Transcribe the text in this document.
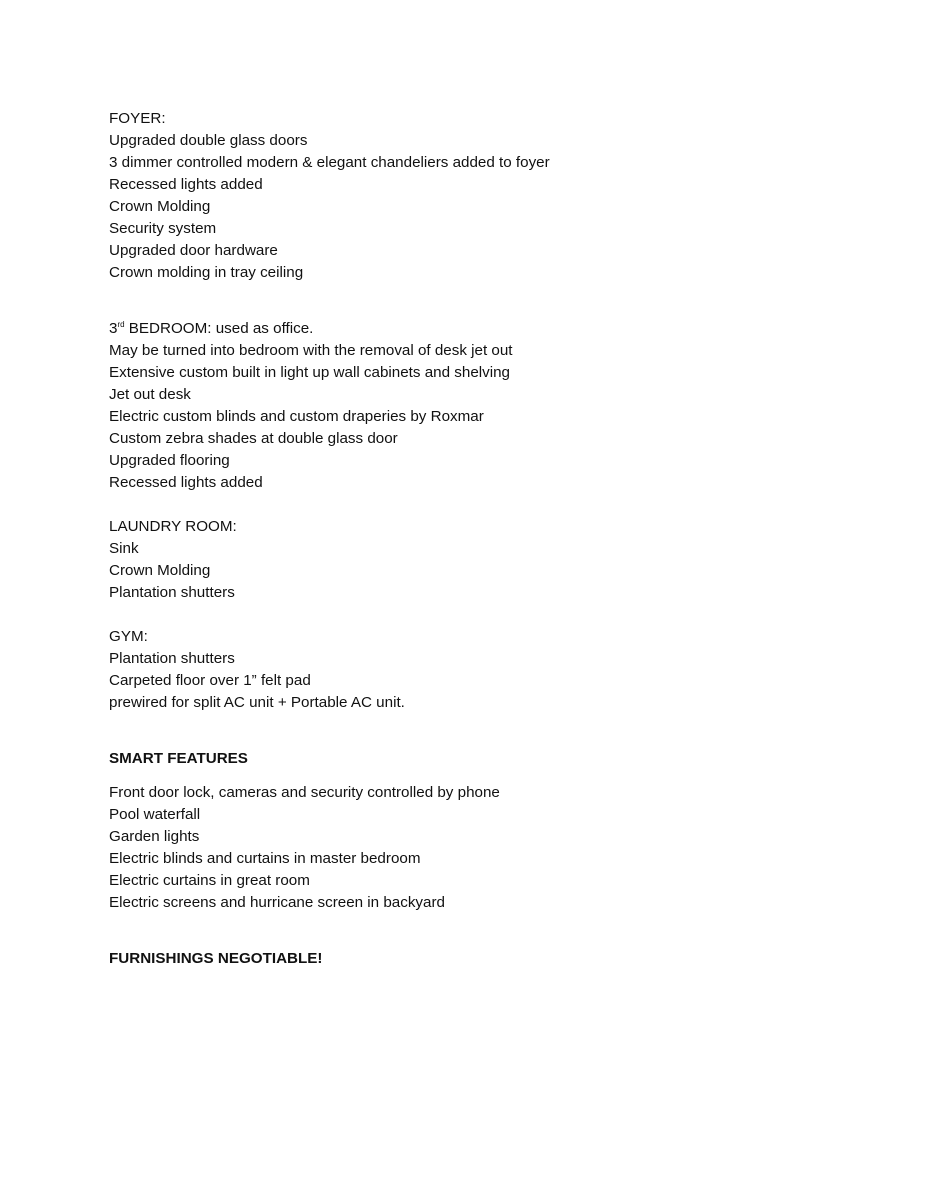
FOYER:
Upgraded double glass doors
3 dimmer controlled modern & elegant chandeliers added to foyer
Recessed lights added
Crown Molding
Security system
Upgraded door hardware
Crown molding in tray ceiling
3rd BEDROOM: used as office.
May be turned into bedroom with the removal of desk jet out
Extensive custom built in light up wall cabinets and shelving
Jet out desk
Electric custom blinds and custom draperies by Roxmar
Custom zebra shades at double glass door
Upgraded flooring
Recessed lights added
LAUNDRY ROOM:
Sink
Crown Molding
Plantation shutters
GYM:
Plantation shutters
Carpeted floor over 1” felt pad
prewired for split AC unit + Portable AC unit.
SMART FEATURES
Front door lock, cameras and security controlled by phone
Pool waterfall
Garden lights
Electric blinds and curtains in master bedroom
Electric curtains in great room
Electric screens and hurricane screen in backyard
FURNISHINGS NEGOTIABLE!
